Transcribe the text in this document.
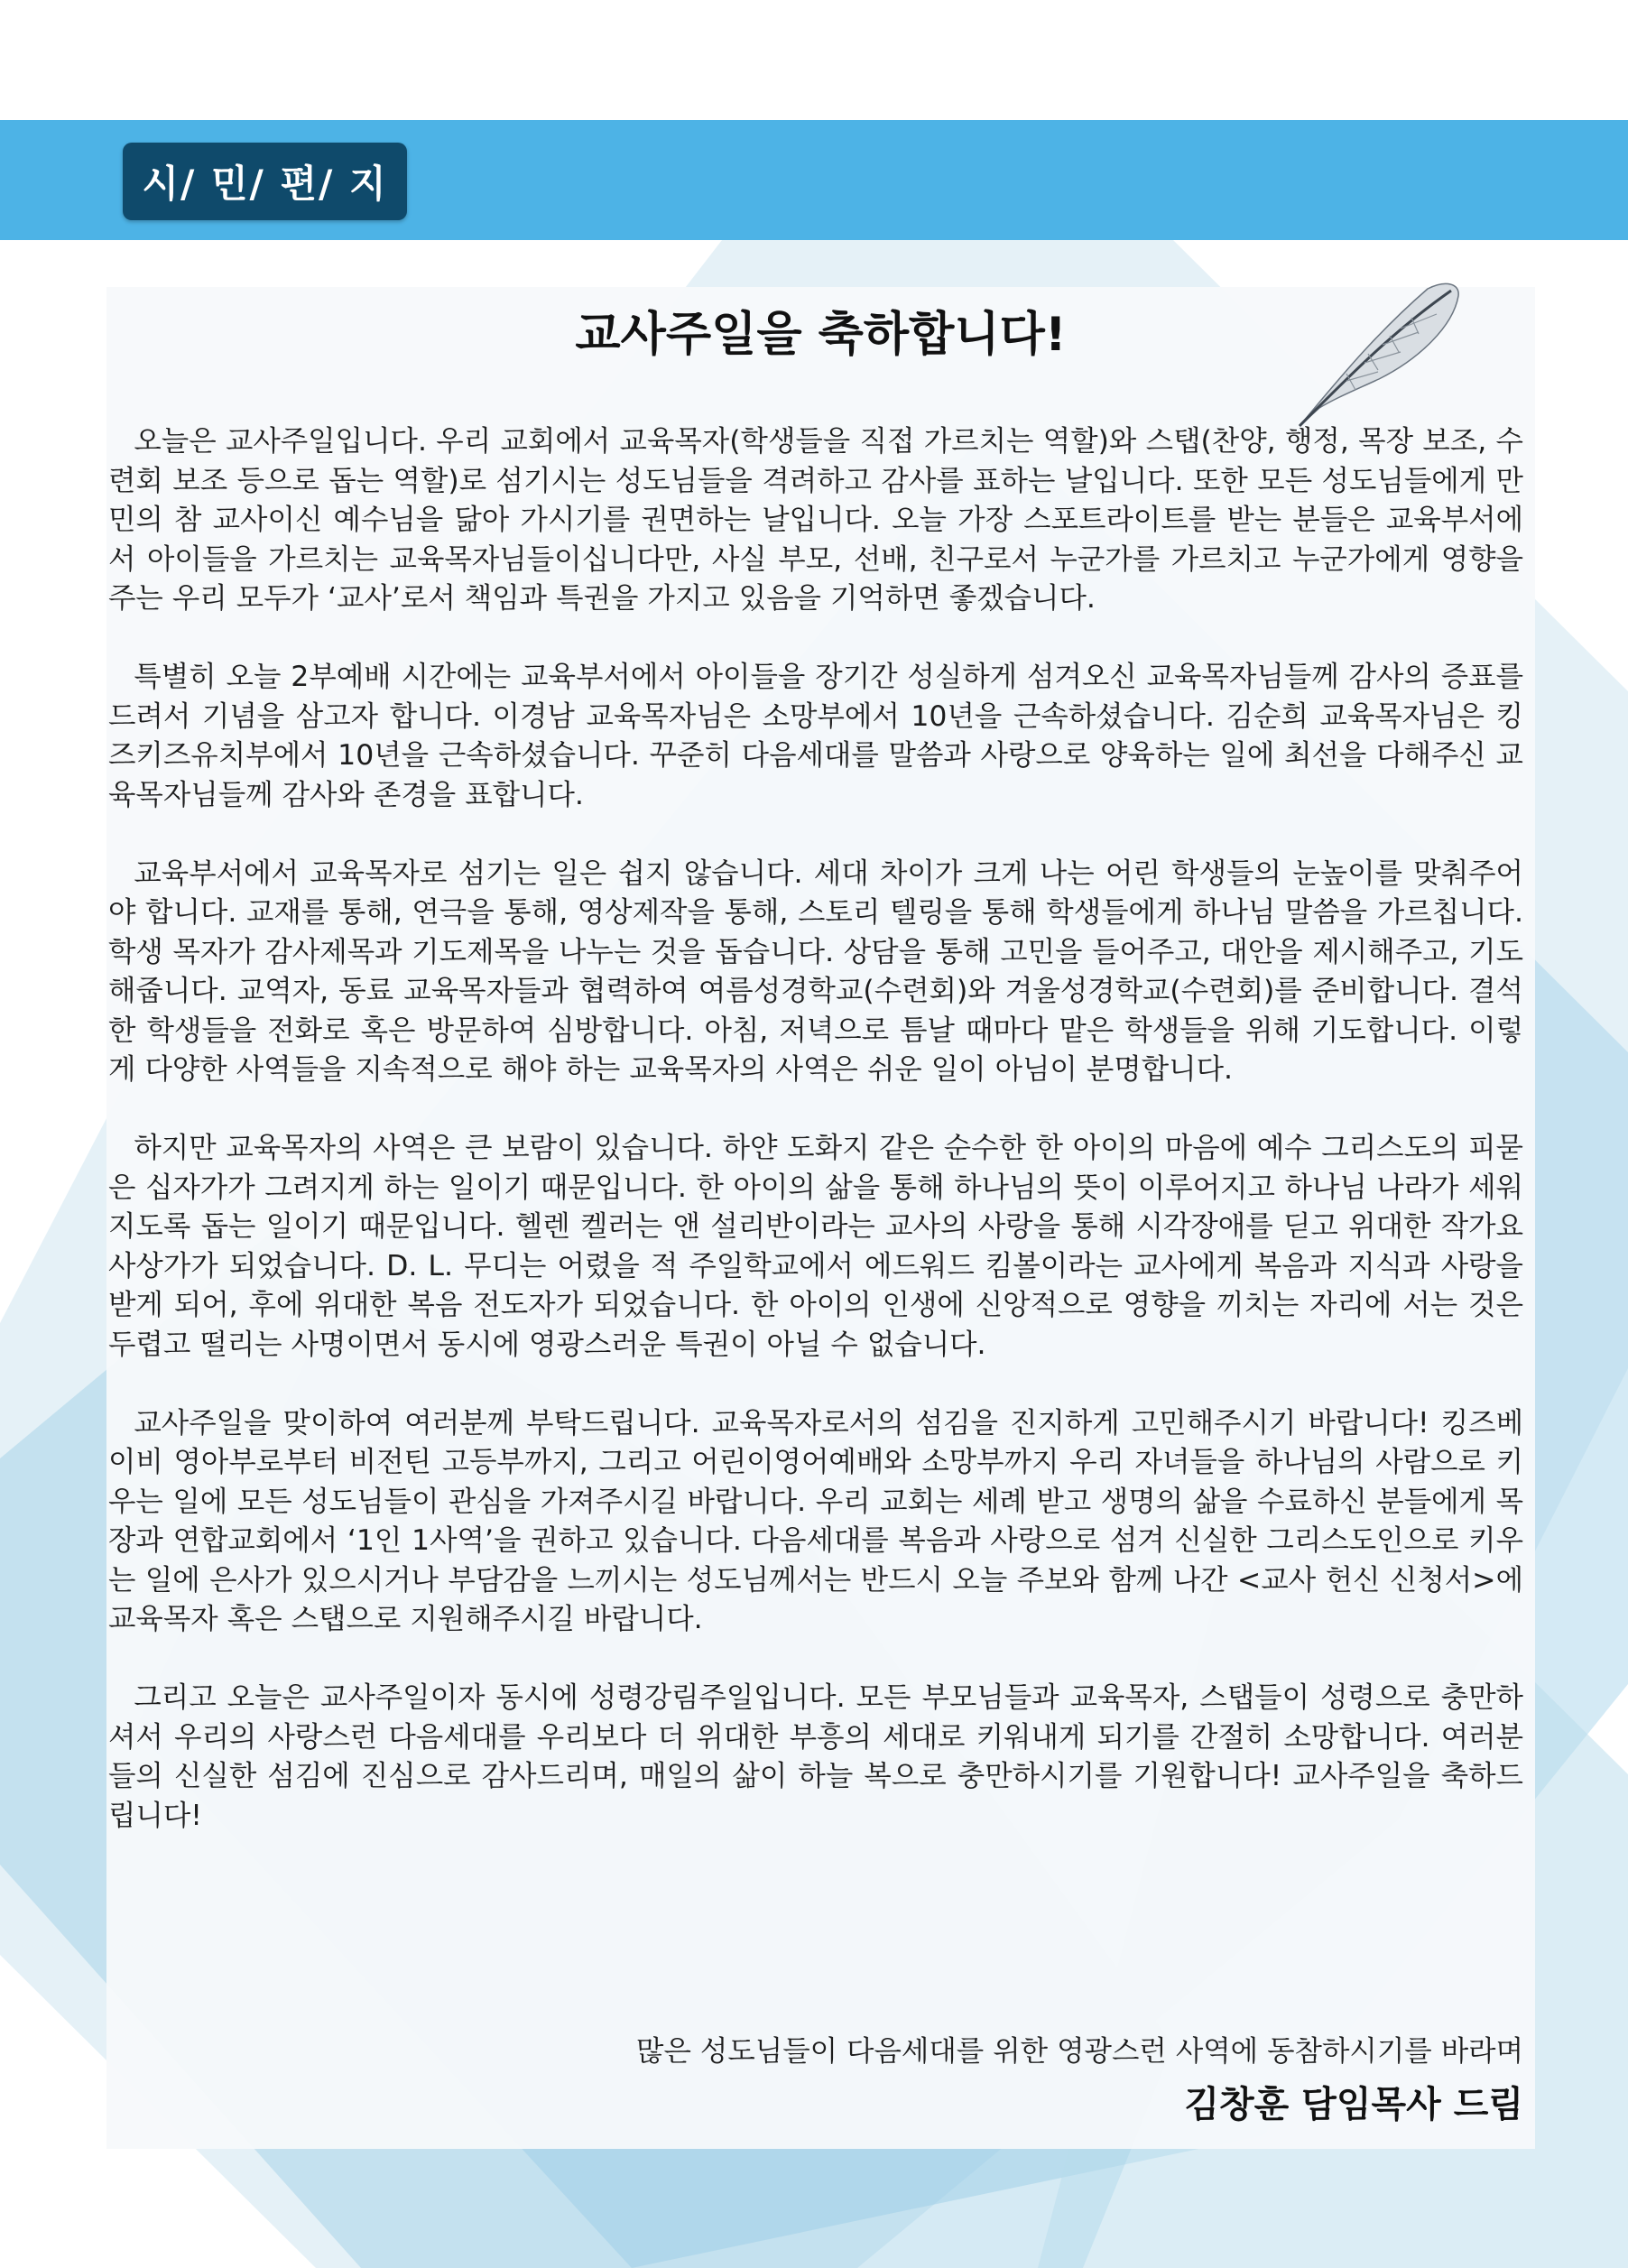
시/ 민/ 편/ 지
교사주일을 축하합니다!

오늘은 교사주일입니다. 우리 교회에서 교육목자(학생들을 직접 가르치는 역할)와 스탭(찬양, 행정, 목장 보조, 수련회 보조 등으로 돕는 역할)로 섬기시는 성도님들을 격려하고 감사를 표하는 날입니다. 또한 모든 성도님들에게 만민의 참 교사이신 예수님을 닮아 가시기를 권면하는 날입니다. 오늘 가장 스포트라이트를 받는 분들은 교육부서에서 아이들을 가르치는 교육목자님들이십니다만, 사실 부모, 선배, 친구로서 누군가를 가르치고 누군가에게 영향을 주는 우리 모두가 ‘교사’로서 책임과 특권을 가지고 있음을 기억하면 좋겠습니다.

특별히 오늘 2부예배 시간에는 교육부서에서 아이들을 장기간 성실하게 섬겨오신 교육목자님들께 감사의 증표를 드려서 기념을 삼고자 합니다. 이경남 교육목자님은 소망부에서 10년을 근속하셨습니다. 김순희 교육목자님은 킹즈키즈유치부에서 10년을 근속하셨습니다. 꾸준히 다음세대를 말씀과 사랑으로 양육하는 일에 최선을 다해주신 교육목자님들께 감사와 존경을 표합니다.

교육부서에서 교육목자로 섬기는 일은 쉽지 않습니다. 세대 차이가 크게 나는 어린 학생들의 눈높이를 맞춰주어야 합니다. 교재를 통해, 연극을 통해, 영상제작을 통해, 스토리 텔링을 통해 학생들에게 하나님 말씀을 가르칩니다. 학생 목자가 감사제목과 기도제목을 나누는 것을 돕습니다. 상담을 통해 고민을 들어주고, 대안을 제시해주고, 기도해줍니다. 교역자, 동료 교육목자들과 협력하여 여름성경학교(수련회)와 겨울성경학교(수련회)를 준비합니다. 결석한 학생들을 전화로 혹은 방문하여 심방합니다. 아침, 저녁으로 틈날 때마다 맡은 학생들을 위해 기도합니다. 이렇게 다양한 사역들을 지속적으로 해야 하는 교육목자의 사역은 쉬운 일이 아님이 분명합니다.

하지만 교육목자의 사역은 큰 보람이 있습니다. 하얀 도화지 같은 순수한 한 아이의 마음에 예수 그리스도의 피묻은 십자가가 그려지게 하는 일이기 때문입니다. 한 아이의 삶을 통해 하나님의 뜻이 이루어지고 하나님 나라가 세워지도록 돕는 일이기 때문입니다. 헬렌 켈러는 앤 설리반이라는 교사의 사랑을 통해 시각장애를 딛고 위대한 작가요 사상가가 되었습니다. D. L. 무디는 어렸을 적 주일학교에서 에드워드 킴볼이라는 교사에게 복음과 지식과 사랑을 받게 되어, 후에 위대한 복음 전도자가 되었습니다. 한 아이의 인생에 신앙적으로 영향을 끼치는 자리에 서는 것은 두렵고 떨리는 사명이면서 동시에 영광스러운 특권이 아닐 수 없습니다.

교사주일을 맞이하여 여러분께 부탁드립니다. 교육목자로서의 섬김을 진지하게 고민해주시기 바랍니다! 킹즈베이비 영아부로부터 비전틴 고등부까지, 그리고 어린이영어예배와 소망부까지 우리 자녀들을 하나님의 사람으로 키우는 일에 모든 성도님들이 관심을 가져주시길 바랍니다. 우리 교회는 세례 받고 생명의 삶을 수료하신 분들에게 목장과 연합교회에서 ‘1인 1사역’을 권하고 있습니다. 다음세대를 복음과 사랑으로 섬겨 신실한 그리스도인으로 키우는 일에 은사가 있으시거나 부담감을 느끼시는 성도님께서는 반드시 오늘 주보와 함께 나간 <교사 헌신 신청서>에 교육목자 혹은 스탭으로 지원해주시길 바랍니다.

그리고 오늘은 교사주일이자 동시에 성령강림주일입니다. 모든 부모님들과 교육목자, 스탭들이 성령으로 충만하셔서 우리의 사랑스런 다음세대를 우리보다 더 위대한 부흥의 세대로 키워내게 되기를 간절히 소망합니다. 여러분들의 신실한 섬김에 진심으로 감사드리며, 매일의 삶이 하늘 복으로 충만하시기를 기원합니다! 교사주일을 축하드립니다!

많은 성도님들이 다음세대를 위한 영광스런 사역에 동참하시기를 바라며

김창훈 담임목사 드림
